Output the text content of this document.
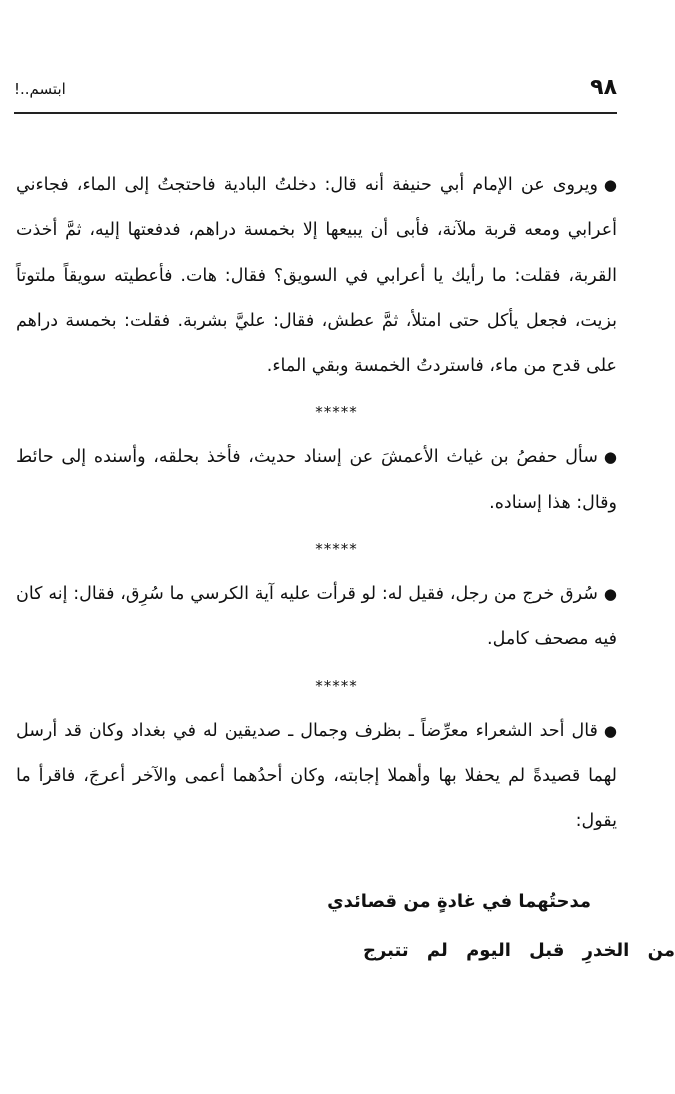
٩٨
ابتسم..!

●ويروى عن الإمام أبي حنيفة أنه قال: دخلتُ البادية فاحتجتُ إلى الماء، فجاءني أعرابي ومعه قربة ملآنة، فأبى أن يبيعها إلا بخمسة دراهم، فدفعتها إليه، ثمَّ أخذت القربة، فقلت: ما رأيك يا أعرابي في السويق؟ فقال: هات. فأعطيته سويقاً ملتوتاً بزيت، فجعل يأكل حتى امتلأ، ثمَّ عطش، فقال: عليَّ بشربة. فقلت: بخمسة دراهم على قدح من ماء، فاستردتُ الخمسة وبقي الماء.

*****

●سأل حفصُ بن غياث الأعمشَ عن إسناد حديث، فأخذ بحلقه، وأسنده إلى حائط وقال: هذا إسناده.

*****

●سُرق خرج من رجل، فقيل له: لو قرأت عليه آية الكرسي ما سُرِق، فقال: إنه كان فيه مصحف كامل.

*****

●قال أحد الشعراء معرِّضاً ـ بظرف وجمال ـ صديقين له في بغداد وكان قد أرسل لهما قصيدةً لم يحفلا بها وأهملا إجابته، وكان أحدُهما أعمى والآخر أعرجَ، فاقرأ ما يقول:

مدحتُهما في غادةٍ من قصائدي
من الخدرِ قبل اليوم لم تتبرج
